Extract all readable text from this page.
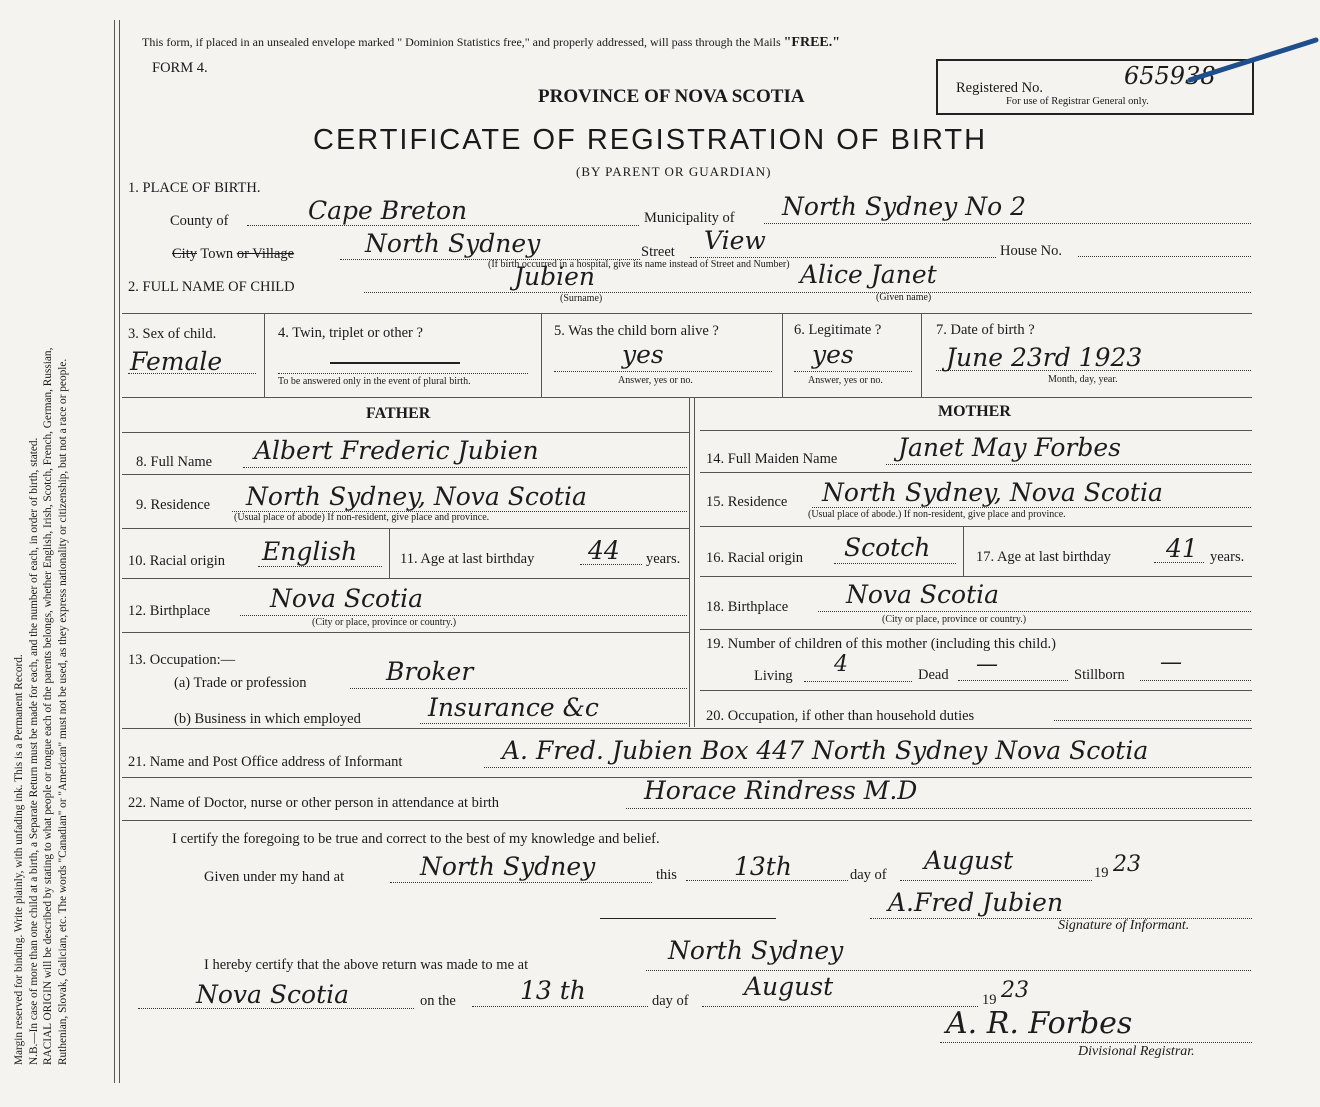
Margin reserved for binding. Write plainly, with unfading ink. This is a Permanent Record. N.B.—In case of more than one child at a birth, a Separate Return must be made for each, and the number of each, in order of birth, stated. RACIAL ORIGIN will be described by stating to what people or tongue each of the parents belongs, whether English, Irish, Scotch, French, German, Russian, Ruthenian, Slovak, Galician, etc. The words "Canadian" or "American" must not be used, as they express nationality or citizenship, but not a race or people.

This form, if placed in an unsealed envelope marked " Dominion Statistics free," and properly addressed, will pass through the Mails "FREE."
FORM 4.
PROVINCE OF NOVA SCOTIA	Registered No.	655938
For use of Registrar General only.
CERTIFICATE OF REGISTRATION OF BIRTH
(BY PARENT OR GUARDIAN)
1. PLACE OF BIRTH.
County of	Cape Breton	Municipality of North Sydney No 2
City Town or Village	North Sydney	Street View	House No.
(If birth occurred in a hospital, give its name instead of Street and Number)
2. FULL NAME OF CHILD	Jubien	Alice Janet
(Surname)	(Given name)
3. Sex of child.
Female
4. Twin, triplet or other ?
To be answered only in the event of plural birth.
5. Was the child born alive ?
yes
Answer, yes or no.
6. Legitimate ?
yes
Answer, yes or no.
7. Date of birth ?
June 23rd 1923
Month, day, year.
FATHER	MOTHER
8. Full Name Albert Frederic Jubien
9. Residence North Sydney, Nova Scotia
(Usual place of abode) If non-resident, give place and province.
10. Racial origin English	11. Age at last birthday 44 years.
12. Birthplace Nova Scotia
(City or place, province or country.)
13. Occupation:—
(a) Trade or profession	Broker
(b) Business in which employed	Insurance &c
14. Full Maiden Name Janet May Forbes
15. Residence North Sydney, Nova Scotia
(Usual place of abode.) If non-resident, give place and province.
16. Racial origin Scotch	17. Age at last birthday 41 years.
18. Birthplace Nova Scotia
(City or place, province or country.)
19. Number of children of this mother (including this child.)
Living 4	Dead —	Stillborn —
20. Occupation, if other than household duties
21. Name and Post Office address of Informant	A. Fred. Jubien Box 447 North Sydney Nova Scotia
22. Name of Doctor, nurse or other person in attendance at birth	Horace Rindress M.D
I certify the foregoing to be true and correct to the best of my knowledge and belief.
Given under my hand at	North Sydney	this 13th	day of August	19 23
A.Fred Jubien
Signature of Informant.
I hereby certify that the above return was made to me at	North Sydney
Nova Scotia	on the	13 th	day of August	19 23
A. R. Forbes
Divisional Registrar.
